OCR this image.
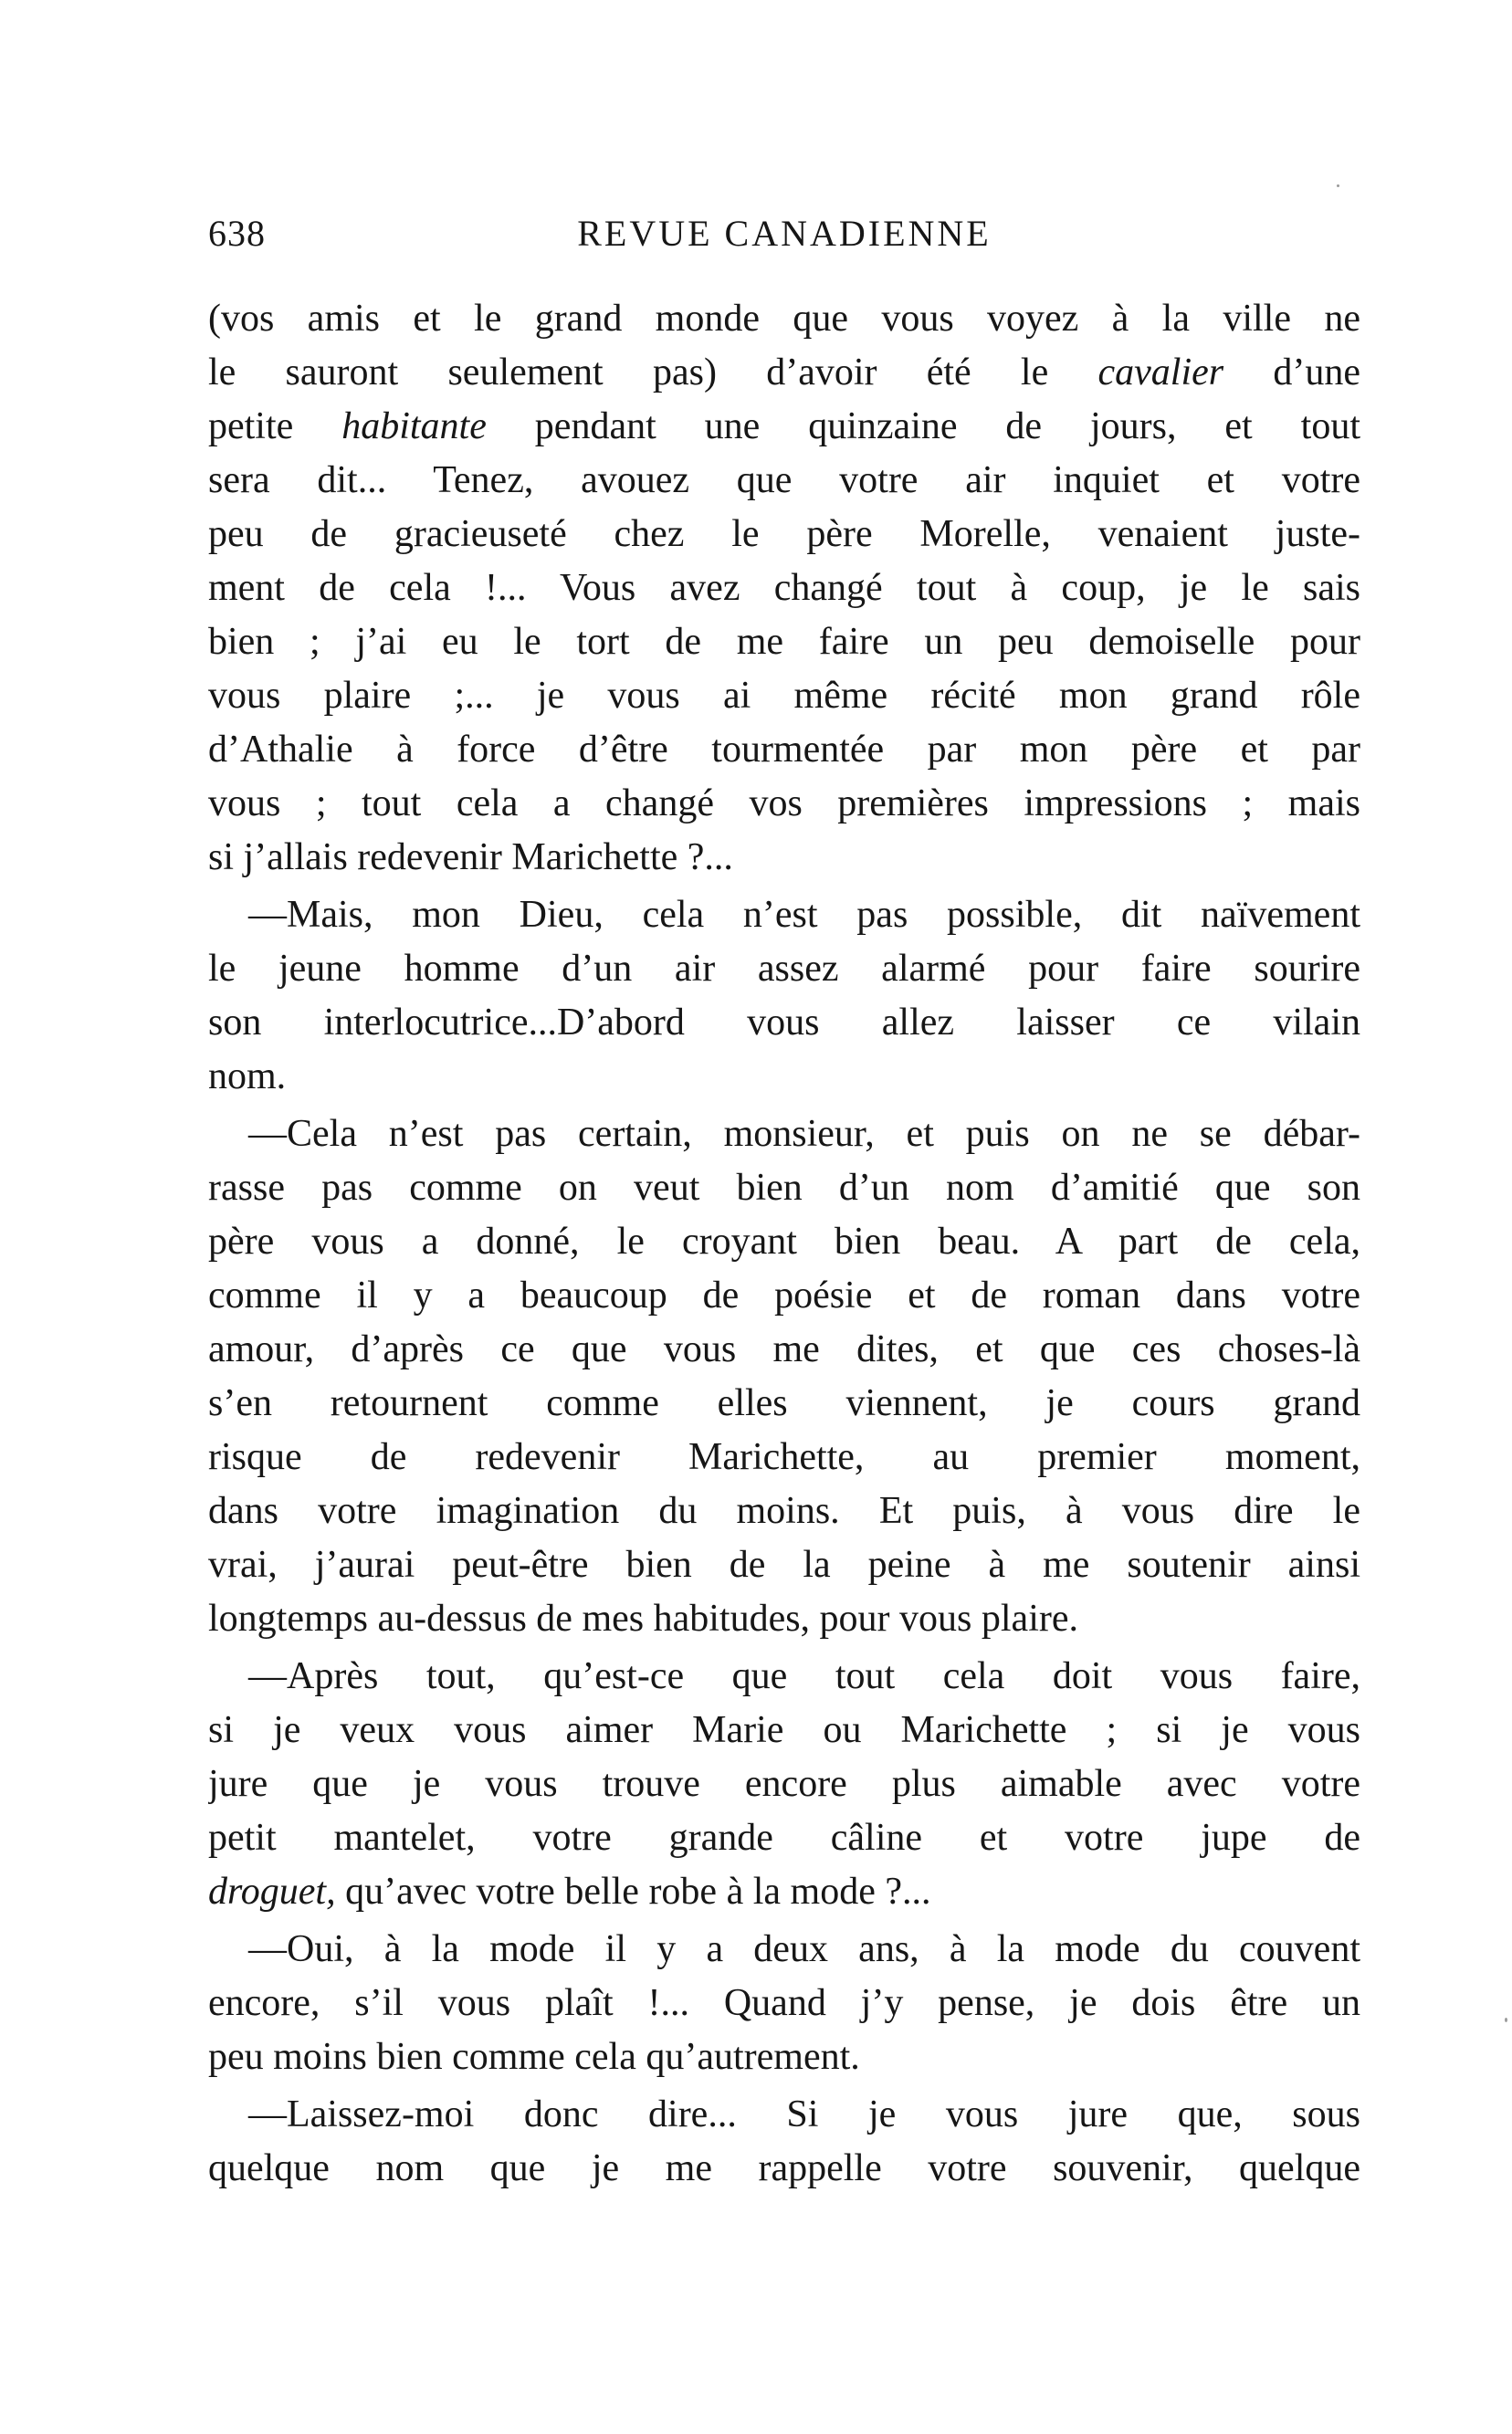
638	REVUE CANADIENNE
(vos amis et le grand monde que vous voyez à la ville ne
le sauront seulement pas) d’avoir été le cavalier d’une
petite habitante pendant une quinzaine de jours, et tout
sera dit... Tenez, avouez que votre air inquiet et votre
peu de gracieuseté chez le père Morelle, venaient juste-
ment de cela !... Vous avez changé tout à coup, je le sais
bien ; j’ai eu le tort de me faire un peu demoiselle pour
vous plaire ;... je vous ai même récité mon grand rôle
d’Athalie à force d’être tourmentée par mon père et par
vous ; tout cela a changé vos premières impressions ; mais
si j’allais redevenir Marichette ?...
—Mais, mon Dieu, cela n’est pas possible, dit naïvement
le jeune homme d’un air assez alarmé pour faire sourire
son interlocutrice...D’abord vous allez laisser ce vilain
nom.
—Cela n’est pas certain, monsieur, et puis on ne se débar-
rasse pas comme on veut bien d’un nom d’amitié que son
père vous a donné, le croyant bien beau. A part de cela,
comme il y a beaucoup de poésie et de roman dans votre
amour, d’après ce que vous me dites, et que ces choses-là
s’en retournent comme elles viennent, je cours grand
risque de redevenir Marichette, au premier moment,
dans votre imagination du moins. Et puis, à vous dire le
vrai, j’aurai peut-être bien de la peine à me soutenir ainsi
longtemps au-dessus de mes habitudes, pour vous plaire.
—Après tout, qu’est-ce que tout cela doit vous faire,
si je veux vous aimer Marie ou Marichette ; si je vous
jure que je vous trouve encore plus aimable avec votre
petit mantelet, votre grande câline et votre jupe de
droguet, qu’avec votre belle robe à la mode ?...
—Oui, à la mode il y a deux ans, à la mode du couvent
encore, s’il vous plaît !... Quand j’y pense, je dois être un
peu moins bien comme cela qu’autrement.
—Laissez-moi donc dire... Si je vous jure que, sous
quelque nom que je me rappelle votre souvenir, quelque
